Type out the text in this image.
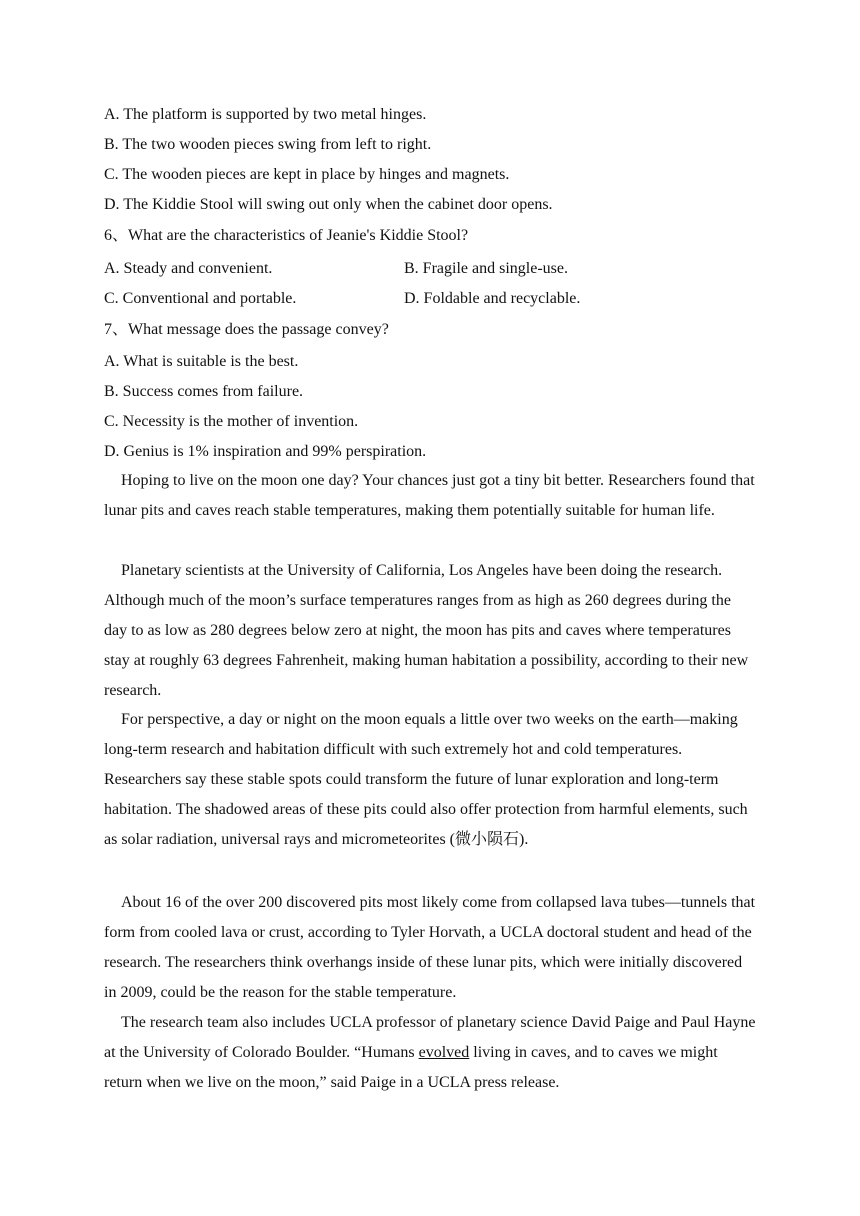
A. The platform is supported by two metal hinges.
B. The two wooden pieces swing from left to right.
C. The wooden pieces are kept in place by hinges and magnets.
D. The Kiddie Stool will swing out only when the cabinet door opens.
6、What are the characteristics of Jeanie's Kiddie Stool?
A. Steady and convenient.	B. Fragile and single-use.
C. Conventional and portable.	D. Foldable and recyclable.
7、What message does the passage convey?
A. What is suitable is the best.
B. Success comes from failure.
C. Necessity is the mother of invention.
D. Genius is 1% inspiration and 99% perspiration.
Hoping to live on the moon one day? Your chances just got a tiny bit better. Researchers found that lunar pits and caves reach stable temperatures, making them potentially suitable for human life.
Planetary scientists at the University of California, Los Angeles have been doing the research. Although much of the moon’s surface temperatures ranges from as high as 260 degrees during the day to as low as 280 degrees below zero at night, the moon has pits and caves where temperatures stay at roughly 63 degrees Fahrenheit, making human habitation a possibility, according to their new research.
For perspective, a day or night on the moon equals a little over two weeks on the earth—making long-term research and habitation difficult with such extremely hot and cold temperatures. Researchers say these stable spots could transform the future of lunar exploration and long-term habitation. The shadowed areas of these pits could also offer protection from harmful elements, such as solar radiation, universal rays and micrometeorites (微小陨石).
About 16 of the over 200 discovered pits most likely come from collapsed lava tubes—tunnels that form from cooled lava or crust, according to Tyler Horvath, a UCLA doctoral student and head of the research. The researchers think overhangs inside of these lunar pits, which were initially discovered in 2009, could be the reason for the stable temperature.
The research team also includes UCLA professor of planetary science David Paige and Paul Hayne at the University of Colorado Boulder. “Humans evolved living in caves, and to caves we might return when we live on the moon,” said Paige in a UCLA press release.
